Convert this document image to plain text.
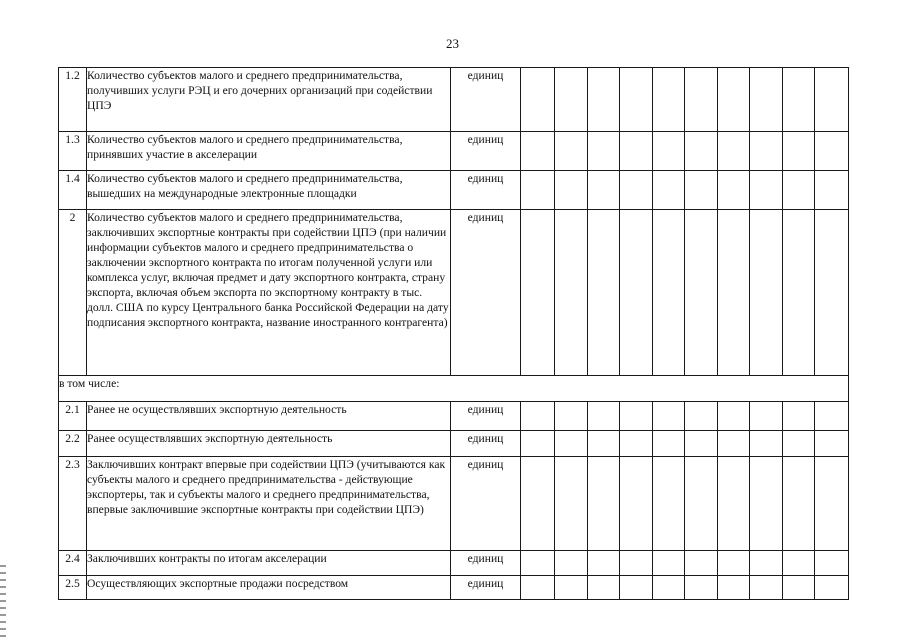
23
1.2	Количество субъектов малого и среднего предпринимательства, получивших услуги РЭЦ и его дочерних организаций при содействии ЦПЭ	единиц										
1.3	Количество субъектов малого и среднего предпринимательства, принявших участие в акселерации	единиц										
1.4	Количество субъектов малого и среднего предпринимательства, вышедших на международные электронные площадки	единиц										
2	Количество субъектов малого и среднего предпринимательства, заключивших экспортные контракты при содействии ЦПЭ (при наличии информации субъектов малого и среднего предпринимательства о заключении экспортного контракта по итогам полученной услуги или комплекса услуг, включая предмет и дату экспортного контракта, страну экспорта, включая объем экспорта по экспортному контракту в тыс. долл. США по курсу Центрального банка Российской Федерации на дату подписания экспортного контракта, название иностранного контрагента)	единиц										
в том числе:												
2.1	Ранее не осуществлявших экспортную деятельность	единиц										
2.2	Ранее осуществлявших экспортную деятельность	единиц										
2.3	Заключивших контракт впервые при содействии ЦПЭ (учитываются как субъекты малого и среднего предпринимательства - действующие экспортеры, так и субъекты малого и среднего предпринимательства, впервые заключившие экспортные контракты при содействии ЦПЭ)	единиц										
2.4	Заключивших контракты по итогам акселерации	единиц										
2.5	Осуществляющих экспортные продажи посредством	единиц										
